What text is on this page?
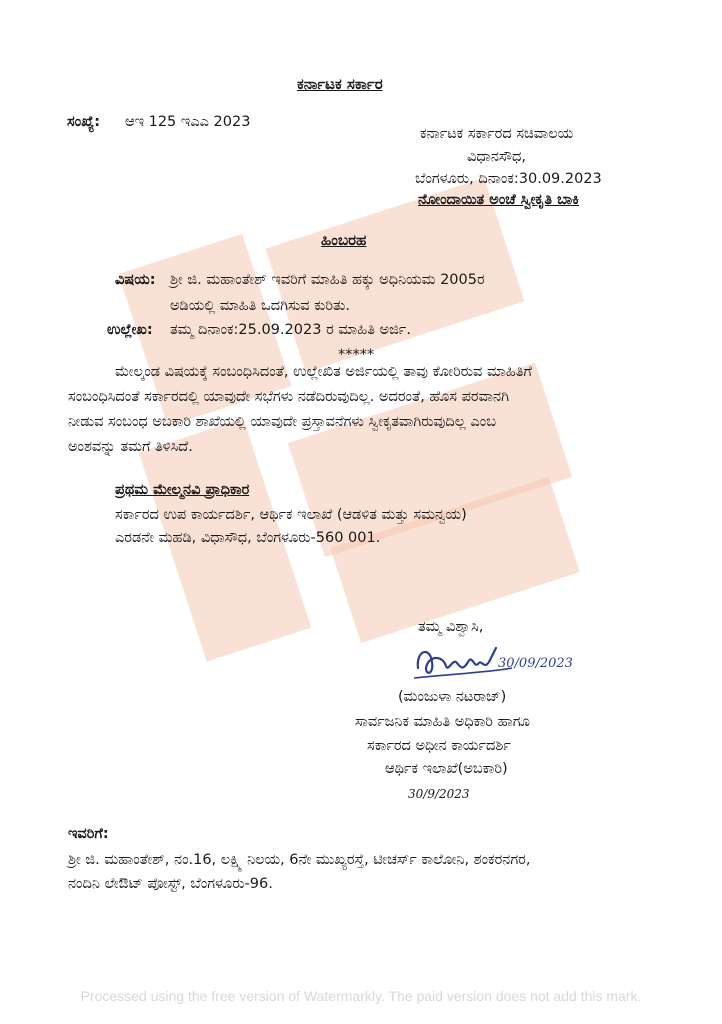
ಕರ್ನಾಟಕ ಸರ್ಕಾರ
ಸಂಖ್ಯೆ: ಆಇ 125 ಇಎಎ 2023
ಕರ್ನಾಟಕ ಸರ್ಕಾರದ ಸಚಿವಾಲಯ
ವಿಧಾನಸೌಧ,
ಬೆಂಗಳೂರು, ದಿನಾಂಕ:30.09.2023
ನೋಂದಾಯಿತ ಅಂಚೆ ಸ್ವೀಕೃತಿ ಬಾಕಿ
ಹಿಂಬರಹ
ವಿಷಯ: ಶ್ರೀ ಜಿ. ಮಹಾಂತೇಶ್ ಇವರಿಗೆ ಮಾಹಿತಿ ಹಕ್ಕು ಅಧಿನಿಯಮ 2005ರ
ಅಡಿಯಲ್ಲಿ ಮಾಹಿತಿ ಒದಗಿಸುವ ಕುರಿತು.
ಉಲ್ಲೇಖ: ತಮ್ಮ ದಿನಾಂಕ:25.09.2023 ರ ಮಾಹಿತಿ ಅರ್ಜಿ.
*****
ಮೇಲ್ಕಂಡ ವಿಷಯಕ್ಕೆ ಸಂಬಂಧಿಸಿದಂತೆ, ಉಲ್ಲೇಖಿತ ಅರ್ಜಿಯಲ್ಲಿ ತಾವು ಕೋರಿರುವ ಮಾಹಿತಿಗೆ
ಸಂಬಂಧಿಸಿದಂತೆ ಸರ್ಕಾರದಲ್ಲಿ ಯಾವುದೇ ಸಭೆಗಳು ನಡೆದಿರುವುದಿಲ್ಲ. ಅದರಂತೆ, ಹೊಸ ಪರವಾನಗಿ
ನೀಡುವ ಸಂಬಂಧ ಅಬಕಾರಿ ಶಾಖೆಯಲ್ಲಿ ಯಾವುದೇ ಪ್ರಸ್ತಾವನೆಗಳು ಸ್ವೀಕೃತವಾಗಿರುವುದಿಲ್ಲ ಎಂಬ
ಅಂಶವನ್ನು ತಮಗೆ ತಿಳಿಸಿದೆ.
ಪ್ರಥಮ ಮೇಲ್ಮನವಿ ಪ್ರಾಧಿಕಾರ
ಸರ್ಕಾರದ ಉಪ ಕಾರ್ಯದರ್ಶಿ, ಆರ್ಥಿಕ ಇಲಾಖೆ (ಆಡಳಿತ ಮತ್ತು ಸಮನ್ವಯ)
ಎರಡನೇ ಮಹಡಿ, ವಿಧಾಸೌಧ, ಬೆಂಗಳೂರು-560 001.
ತಮ್ಮ ವಿಶ್ವಾಸಿ,
30/09/2023
(ಮಂಜುಳಾ ನಟರಾಜ್)
ಸಾರ್ವಜನಿಕ ಮಾಹಿತಿ ಅಧಿಕಾರಿ ಹಾಗೂ
ಸರ್ಕಾರದ ಅಧೀನ ಕಾರ್ಯದರ್ಶಿ
ಆರ್ಥಿಕ ಇಲಾಖೆ(ಅಬಕಾರಿ)
30/9/2023
ಇವರಿಗೆ:
ಶ್ರೀ ಜಿ. ಮಹಾಂತೇಶ್, ನಂ.16, ಲಕ್ಷ್ಮಿ ನಿಲಯ, 6ನೇ ಮುಖ್ಯರಸ್ತೆ, ಟೀಚರ್ಸ್ ಕಾಲೋನಿ, ಶಂಕರನಗರ,
ನಂದಿನಿ ಲೇಔಟ್ ಪೋಸ್ಟ್, ಬೆಂಗಳೂರು-96.
Processed using the free version of Watermarkly. The paid version does not add this mark.
